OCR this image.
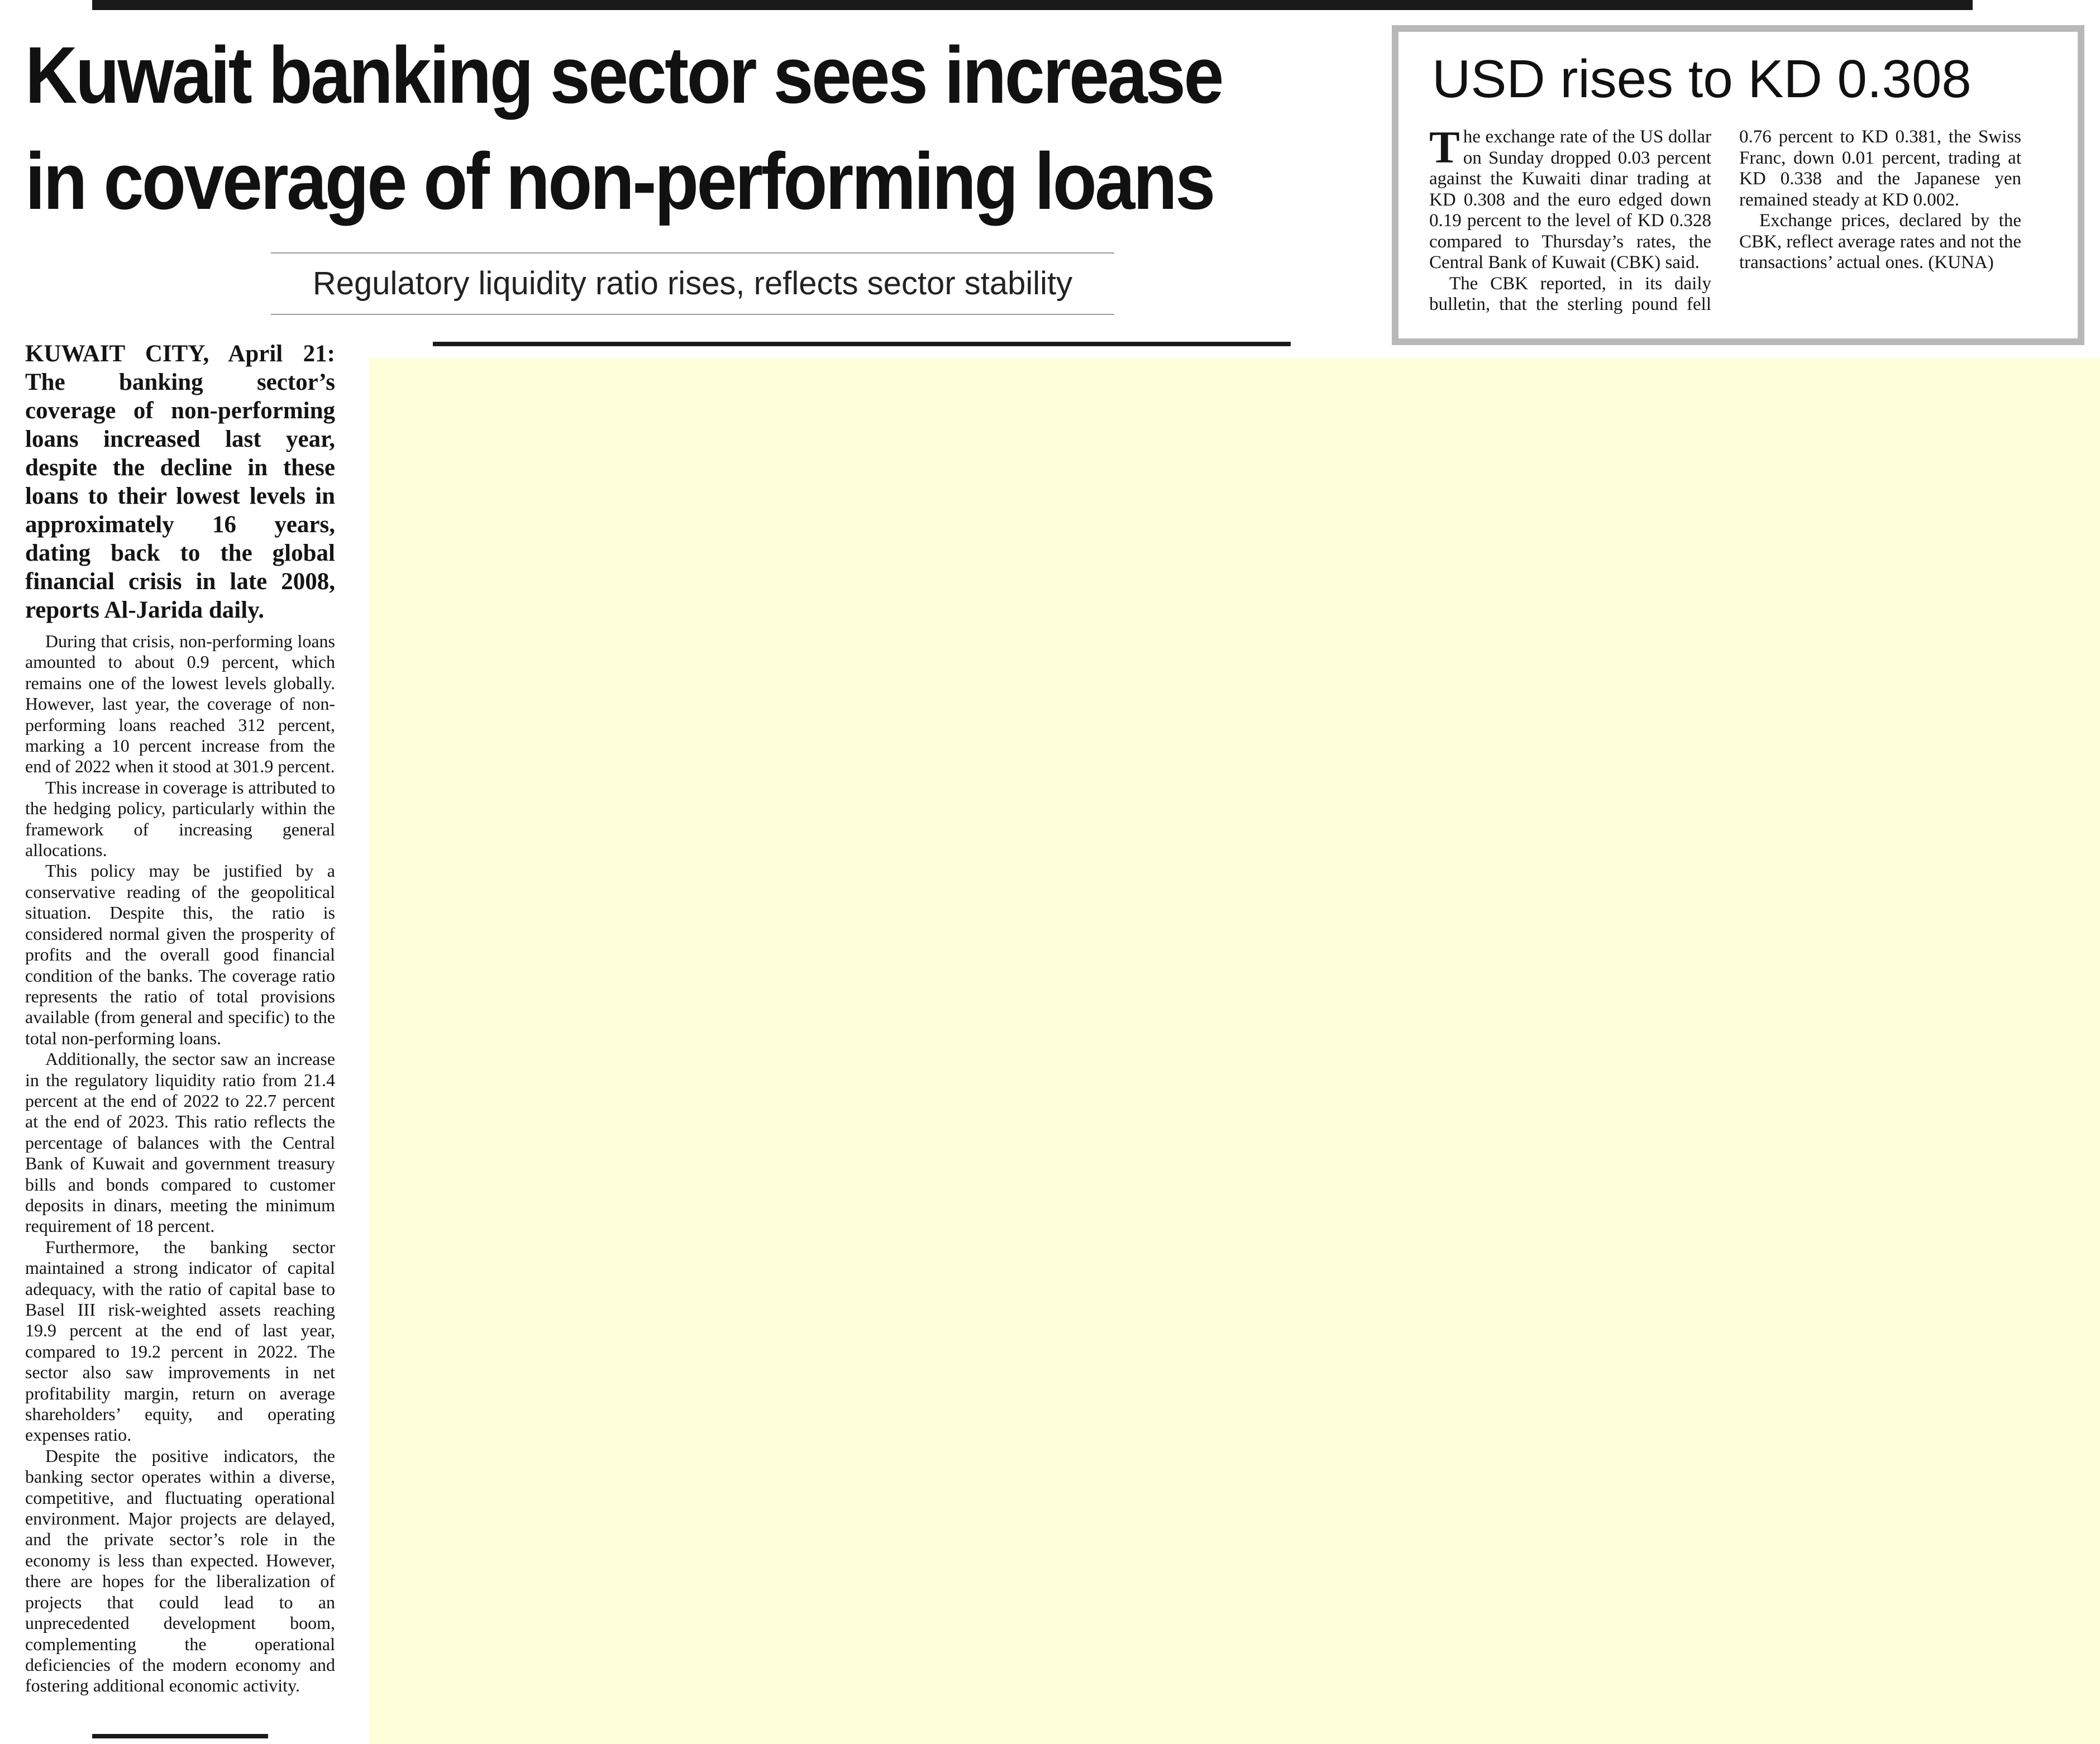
Kuwait banking sector sees increase
in coverage of non-performing loans
Regulatory liquidity ratio rises, reflects sector stability
USD rises to KD 0.308

The exchange rate of the US dollar on Sunday dropped 0.03 percent against the Kuwaiti dinar trading at KD 0.308 and the euro edged down 0.19 percent to the level of KD 0.328 compared to Thursday’s rates, the Central Bank of Kuwait (CBK) said.

The CBK reported, in its daily bulletin, that the sterling pound fell 0.76 percent to KD 0.381, the Swiss Franc, down 0.01 percent, trading at KD 0.338 and the Japanese yen remained steady at KD 0.002.

Exchange prices, declared by the CBK, reflect average rates and not the transactions’ actual ones. (KUNA)

KUWAIT CITY, April 21: The banking sector’s coverage of non-performing loans increased last year, despite the decline in these loans to their lowest levels in approximately 16 years, dating back to the global financial crisis in late 2008, reports Al-Jarida daily.

During that crisis, non-performing loans amounted to about 0.9 percent, which remains one of the lowest levels globally. However, last year, the coverage of non-performing loans reached 312 percent, marking a 10 percent increase from the end of 2022 when it stood at 301.9 percent.

This increase in coverage is attributed to the hedging policy, particularly within the framework of increasing general allocations.

This policy may be justified by a conservative reading of the geopolitical situation. Despite this, the ratio is considered normal given the prosperity of profits and the overall good financial condition of the banks. The coverage ratio represents the ratio of total provisions available (from general and specific) to the total non-performing loans.

Additionally, the sector saw an increase in the regulatory liquidity ratio from 21.4 percent at the end of 2022 to 22.7 percent at the end of 2023. This ratio reflects the percentage of balances with the Central Bank of Kuwait and government treasury bills and bonds compared to customer deposits in dinars, meeting the minimum requirement of 18 percent.

Furthermore, the banking sector maintained a strong indicator of capital adequacy, with the ratio of capital base to Basel III risk-weighted assets reaching 19.9 percent at the end of last year, compared to 19.2 percent in 2022. The sector also saw improvements in net profitability margin, return on average shareholders’ equity, and operating expenses ratio.

Despite the positive indicators, the banking sector operates within a diverse, competitive, and fluctuating operational environment. Major projects are delayed, and the private sector’s role in the economy is less than expected. However, there are hopes for the liberalization of projects that could lead to an unprecedented development boom, complementing the operational deficiencies of the modern economy and fostering additional economic activity.
